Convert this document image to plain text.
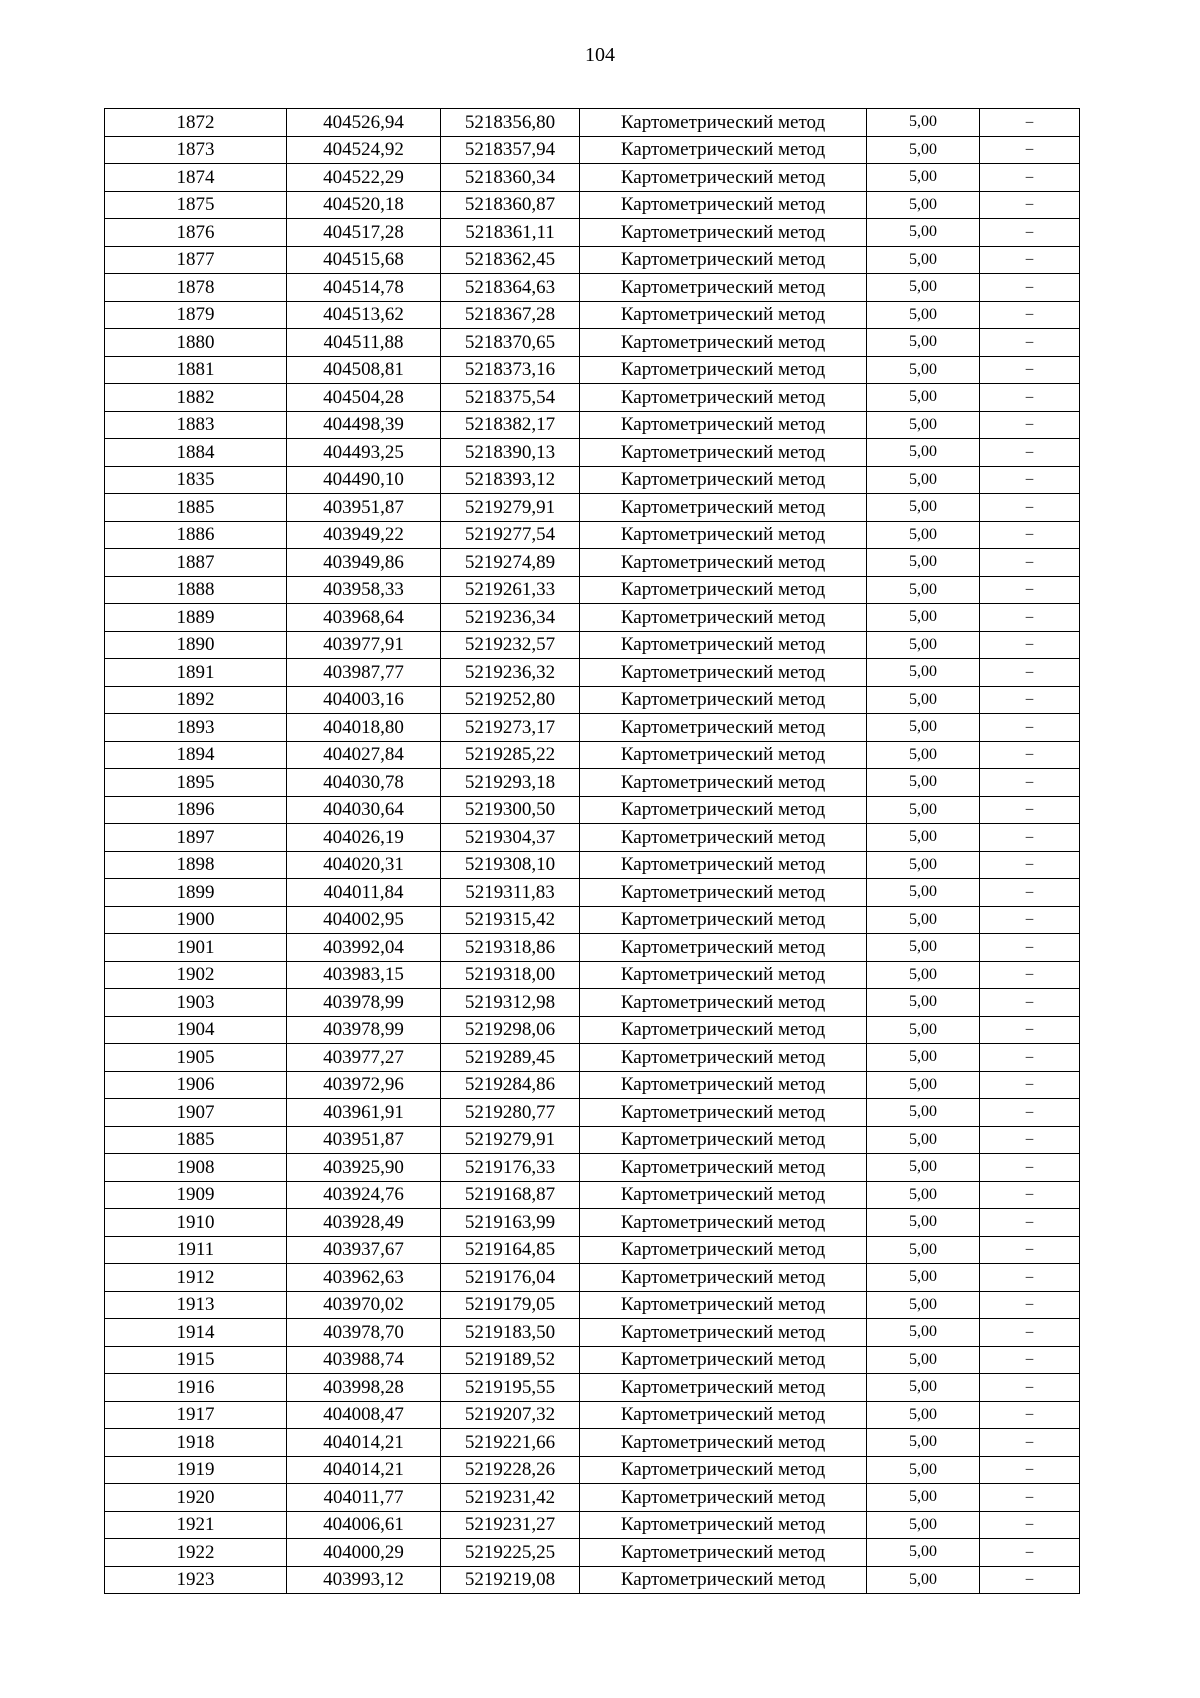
104
1872	404526,94	5218356,80	Картометрический метод	5,00	–
1873	404524,92	5218357,94	Картометрический метод	5,00	–
1874	404522,29	5218360,34	Картометрический метод	5,00	–
1875	404520,18	5218360,87	Картометрический метод	5,00	–
1876	404517,28	5218361,11	Картометрический метод	5,00	–
1877	404515,68	5218362,45	Картометрический метод	5,00	–
1878	404514,78	5218364,63	Картометрический метод	5,00	–
1879	404513,62	5218367,28	Картометрический метод	5,00	–
1880	404511,88	5218370,65	Картометрический метод	5,00	–
1881	404508,81	5218373,16	Картометрический метод	5,00	–
1882	404504,28	5218375,54	Картометрический метод	5,00	–
1883	404498,39	5218382,17	Картометрический метод	5,00	–
1884	404493,25	5218390,13	Картометрический метод	5,00	–
1835	404490,10	5218393,12	Картометрический метод	5,00	–
1885	403951,87	5219279,91	Картометрический метод	5,00	–
1886	403949,22	5219277,54	Картометрический метод	5,00	–
1887	403949,86	5219274,89	Картометрический метод	5,00	–
1888	403958,33	5219261,33	Картометрический метод	5,00	–
1889	403968,64	5219236,34	Картометрический метод	5,00	–
1890	403977,91	5219232,57	Картометрический метод	5,00	–
1891	403987,77	5219236,32	Картометрический метод	5,00	–
1892	404003,16	5219252,80	Картометрический метод	5,00	–
1893	404018,80	5219273,17	Картометрический метод	5,00	–
1894	404027,84	5219285,22	Картометрический метод	5,00	–
1895	404030,78	5219293,18	Картометрический метод	5,00	–
1896	404030,64	5219300,50	Картометрический метод	5,00	–
1897	404026,19	5219304,37	Картометрический метод	5,00	–
1898	404020,31	5219308,10	Картометрический метод	5,00	–
1899	404011,84	5219311,83	Картометрический метод	5,00	–
1900	404002,95	5219315,42	Картометрический метод	5,00	–
1901	403992,04	5219318,86	Картометрический метод	5,00	–
1902	403983,15	5219318,00	Картометрический метод	5,00	–
1903	403978,99	5219312,98	Картометрический метод	5,00	–
1904	403978,99	5219298,06	Картометрический метод	5,00	–
1905	403977,27	5219289,45	Картометрический метод	5,00	–
1906	403972,96	5219284,86	Картометрический метод	5,00	–
1907	403961,91	5219280,77	Картометрический метод	5,00	–
1885	403951,87	5219279,91	Картометрический метод	5,00	–
1908	403925,90	5219176,33	Картометрический метод	5,00	–
1909	403924,76	5219168,87	Картометрический метод	5,00	–
1910	403928,49	5219163,99	Картометрический метод	5,00	–
1911	403937,67	5219164,85	Картометрический метод	5,00	–
1912	403962,63	5219176,04	Картометрический метод	5,00	–
1913	403970,02	5219179,05	Картометрический метод	5,00	–
1914	403978,70	5219183,50	Картометрический метод	5,00	–
1915	403988,74	5219189,52	Картометрический метод	5,00	–
1916	403998,28	5219195,55	Картометрический метод	5,00	–
1917	404008,47	5219207,32	Картометрический метод	5,00	–
1918	404014,21	5219221,66	Картометрический метод	5,00	–
1919	404014,21	5219228,26	Картометрический метод	5,00	–
1920	404011,77	5219231,42	Картометрический метод	5,00	–
1921	404006,61	5219231,27	Картометрический метод	5,00	–
1922	404000,29	5219225,25	Картометрический метод	5,00	–
1923	403993,12	5219219,08	Картометрический метод	5,00	–
